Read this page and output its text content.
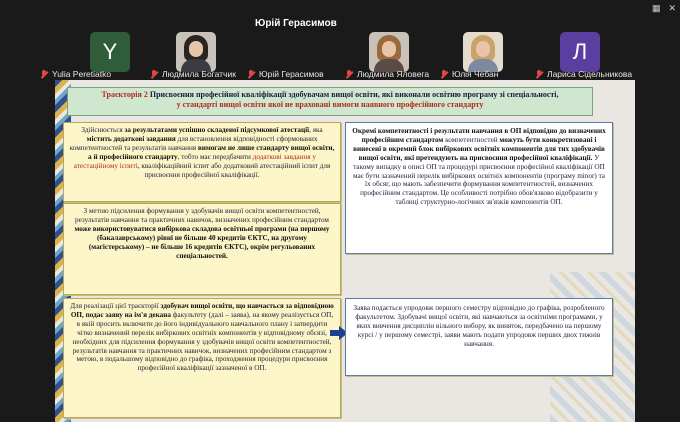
▦ ✕
Юрій Герасимов
Y
Yulia Peretiatko	Людмила Богатчик	Юрій Герасимов	Людмила Яловега	Юлія Чебан
Л
Лариса Сідельникова
Траєкторія 2 Присвоєння професійної кваліфікації здобувачам вищої освіти, які виконали освітню програму зі спеціальності,
у стандарті вищої освіти якої не враховані вимоги наявного професійного стандарту
Здійснюється за результатами успішно складеної підсумкової атестації, яка містить додаткові завдання для встановлення відповідності сформованих компетентностей та результатів навчання вимогам не лише стандарту вищої освіти, а й професійного стандарту, тобто має передбачити додаткові завдання у атестаційному іспиті, кваліфікаційний іспит або додатковий атестаційний іспит для присвоєння професійної кваліфікації.
З метою підсилення формування у здобувачів вищої освіти компетентностей, результатів навчання та практичних навичок, визначених професійним стандартом може використовуватися вибіркова складова освітньої програми (на першому (бакалаврському) рівні не більше 40 кредитів ЄКТС, на другому (магістерському) – не більше 16 кредитів ЄКТС), окрім регульованих спеціальностей.
Для реалізації цієї траєкторії здобувач вищої освіти, що навчається за відповідною ОП, подає заяву на ім'я декана факультету (далі – заява), на якому реалізується ОП, в якій просить включити до його індивідуального навчального плану і затвердити чітко визначений перелік вибіркових освітніх компонентів у відповідному обсязі, необхідних для підсилення формування у здобувачів вищої освіти компетентностей, результатів навчання та практичних навичок, визначених професійним стандартом з метою, в подальшому відповідно до графіка, проходження процедури присвоєння професійної кваліфікації зазначеної в ОП.
Окремі компетентності і результати навчання в ОП відповідно до визначених професійним стандартом компетентностей можуть бути конкретизовані і винесені в окремий блок вибіркових освітніх компонентів для тих здобувачів вищої освіти, які претендують на присвоєння професійної кваліфікації. У такому випадку в описі ОП та процедурі присвоєння професійної кваліфікації ОП має бути зазначений перелік вибіркових освітніх компонентів (програму minor) та їх обсяг, що мають забезпечити формування компетентностей, визначених професійним стандартом. Це особливості потрібно обов'язково відобразити у таблиці структурно-логічних зв'язків компонентів ОП.
Заява подається упродовж першого семестру відповідно до графіка, розробленого факультетом. Здобувачі вищої освіти, які навчаються за освітніми програмами, у яких вивчення дисциплін вільного вибору, як виняток, передбачено на першому курсі / у першому семестрі, заяви мають подати упродовж перших двох тижнів навчання.
